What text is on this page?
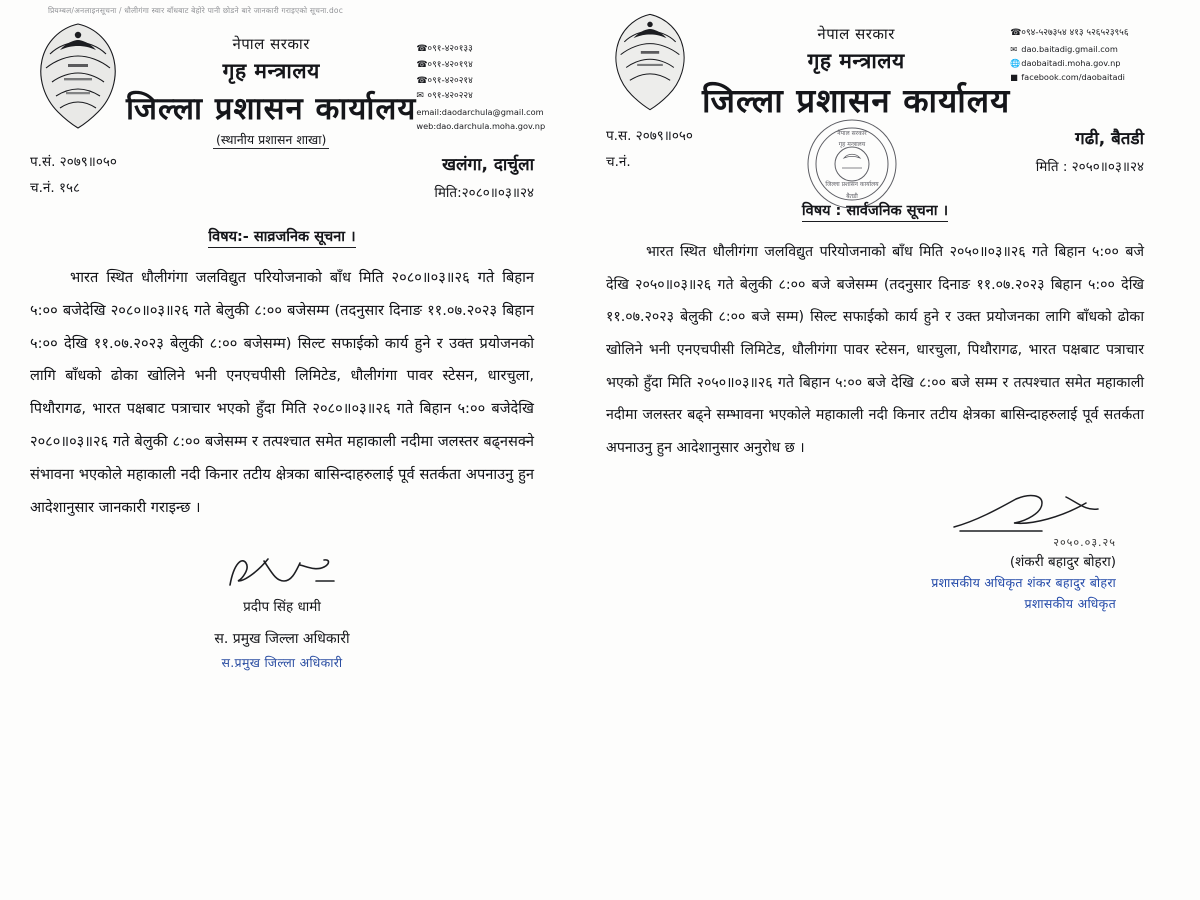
प्रियम्बल/अनलाइनसूचना / धौलीगंगा स्वार बाँधबाट बेहोरे पानी छोडने बारे जानकारी गराइएको सूचना.doc
नेपाल सरकार
गृह मन्त्रालय
जिल्ला प्रशासन कार्यालय
(स्थानीय प्रशासन शाखा)
☎०९१-४२०१३३
☎०९१-४२०१९४
☎०९१-४२०२१४
✉ ०९१-४२०२२४
email:daodarchula@gmail.com
web:dao.darchula.moha.gov.np
प.सं. २०७९॥०५०
च.नं. १५८
खलंगा, दार्चुला
मिति:२०८०॥०३॥२४
विषय:- साव्रजनिक सूचना ।
भारत स्थित धौलीगंगा जलविद्युत परियोजनाको बाँध मिति २०८०॥०३॥२६ गते बिहान ५:०० बजेदेखि २०८०॥०३॥२६ गते बेलुकी ८:०० बजेसम्म (तदनुसार दिनाङ ११.०७.२०२३ बिहान ५:०० देखि ११.०७.२०२३ बेलुकी ८:०० बजेसम्म) सिल्ट सफाईको कार्य हुने र उक्त प्रयोजनको लागि बाँधको ढोका खोलिने भनी एनएचपीसी लिमिटेड, धौलीगंगा पावर स्टेसन, धारचुला, पिथौरागढ, भारत पक्षबाट पत्राचार भएको हुँदा मिति २०८०॥०३॥२६ गते बिहान ५:०० बजेदेखि २०८०॥०३॥२६ गते बेलुकी ८:०० बजेसम्म र तत्पश्चात समेत महाकाली नदीमा जलस्तर बढ्नसक्ने संभावना भएकोले महाकाली नदी किनार तटीय क्षेत्रका बासिन्दाहरुलाई पूर्व सतर्कता अपनाउनु हुन आदेशानुसार जानकारी गराइन्छ ।
प्रदीप सिंह धामी
स. प्रमुख जिल्ला अधिकारी
स.प्रमुख जिल्ला अधिकारी
नेपाल सरकार
गृह मन्त्रालय
जिल्ला प्रशासन कार्यालय
☎०९४-५२७३५४ ४१३ ५२६५२३९५६
✉ dao.baitadig.gmail.com
🌐daobaitadi.moha.gov.np
■ facebook.com/daobaitadi
प.स. २०७९॥०५०
च.नं.
गढी, बैतडी
मिति : २०५०॥०३॥२४
नेपाल सरकार
गृह मन्त्रालय
जिल्ला प्रशासन कार्यालय
बैतडी
विषय : सार्वजनिक सूचना ।
भारत स्थित धौलीगंगा जलविद्युत परियोजनाको बाँध मिति २०५०॥०३॥२६ गते बिहान ५:०० बजे देखि २०५०॥०३॥२६ गते बेलुकी ८:०० बजे बजेसम्म (तदनुसार दिनाङ ११.०७.२०२३ बिहान ५:०० देखि ११.०७.२०२३ बेलुकी ८:०० बजे सम्म) सिल्ट सफाईको कार्य हुने र उक्त प्रयोजनका लागि बाँधको ढोका खोलिने भनी एनएचपीसी लिमिटेड, धौलीगंगा पावर स्टेसन, धारचुला, पिथौरागढ, भारत पक्षबाट पत्राचार भएको हुँदा मिति २०५०॥०३॥२६ गते बिहान ५:०० बजे देखि ८:०० बजे सम्म र तत्पश्चात समेत महाकाली नदीमा जलस्तर बढ्ने सम्भावना भएकोले महाकाली नदी किनार तटीय क्षेत्रका बासिन्दाहरुलाई पूर्व सतर्कता अपनाउनु हुन आदेशानुसार अनुरोध छ ।
२०५०.०३.२५
(शंकरी बहादुर बोहरा)
प्रशासकीय अधिकृत शंकर बहादुर बोहरा
प्रशासकीय अधिकृत
